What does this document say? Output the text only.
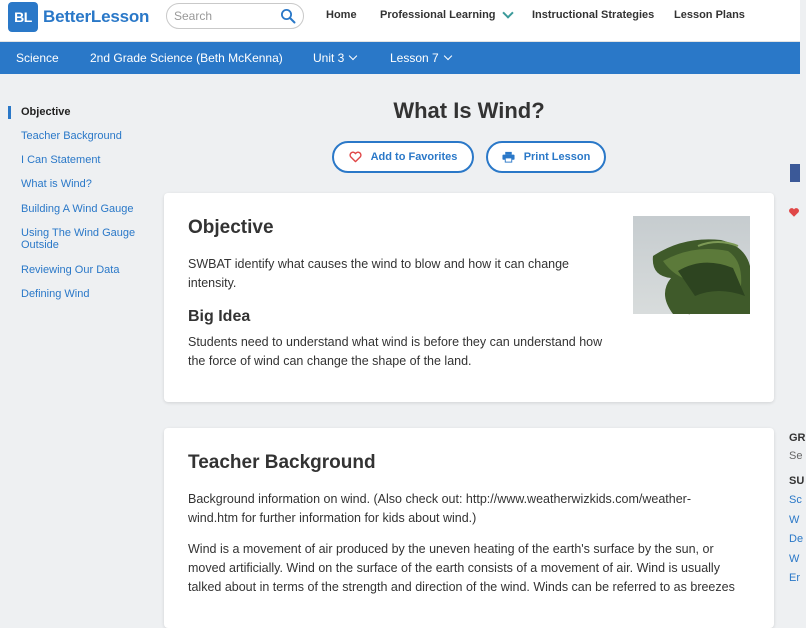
BL BetterLesson
Search	Home Professional Learning	Instructional Strategies Lesson Plans
Science	2nd Grade Science (Beth McKenna)	Unit 3	Lesson 7
Objective
Teacher Background
I Can Statement
What is Wind?
Building A Wind Gauge
Using The Wind Gauge Outside
Reviewing Our Data
Defining Wind
What Is Wind?
Add to Favorites	Print Lesson
Objective

SWBAT identify what causes the wind to blow and how it can change intensity.

Big Idea

Students need to understand what wind is before they can understand how the force of wind can change the shape of the land.

Teacher Background

Background information on wind. (Also check out: http://www.weatherwizkids.com/weather-wind.htm for further information for kids about wind.)

Wind is a movement of air produced by the uneven heating of the earth's surface by the sun, or moved artificially. Wind on the surface of the earth consists of a movement of air. Wind is usually talked about in terms of the strength and direction of the wind. Winds can be referred to as breezes

GR
Se
SU
Sc
W
De
W
Er
